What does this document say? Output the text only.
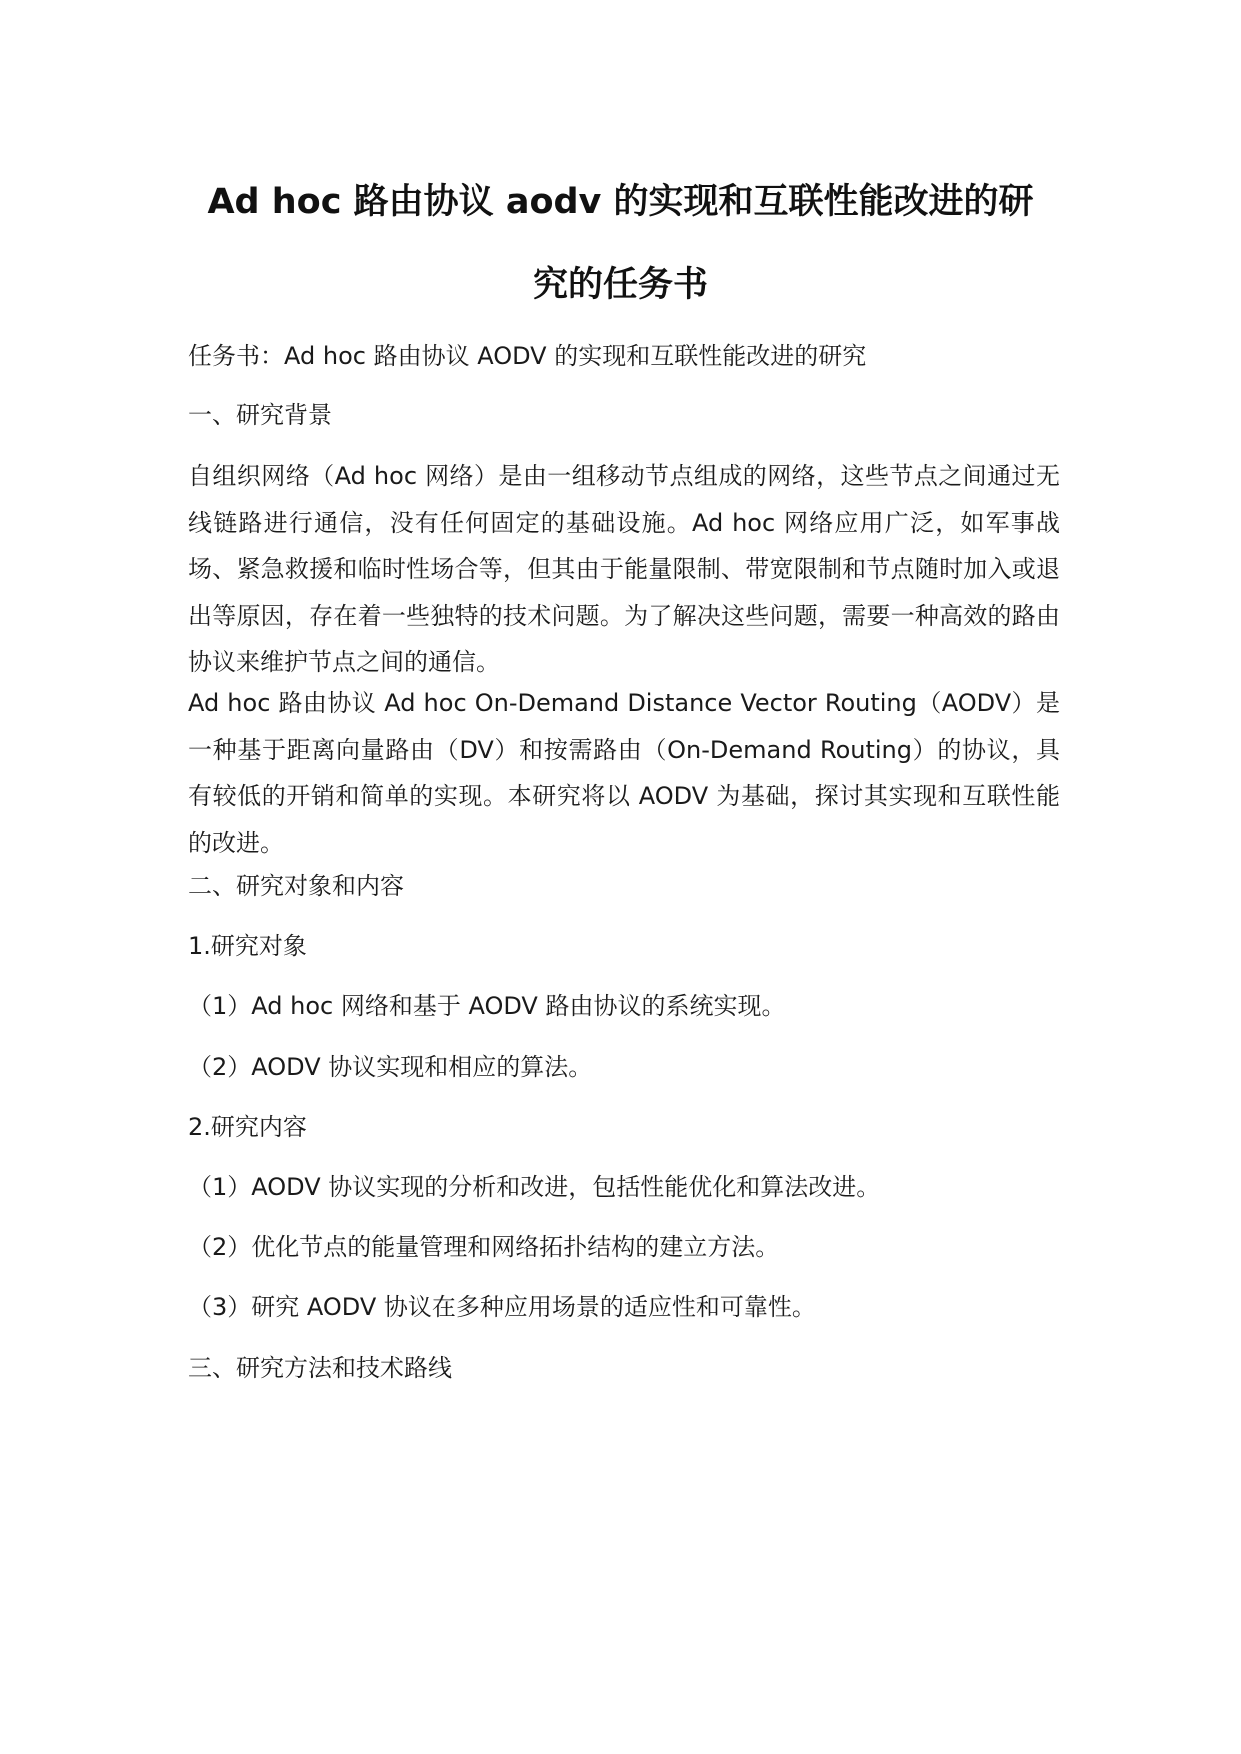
Ad hoc 路由协议 aodv 的实现和互联性能改进的研
究的任务书

任务书：Ad hoc 路由协议 AODV 的实现和互联性能改进的研究

一、研究背景

自组织网络（Ad hoc 网络）是由一组移动节点组成的网络，这些节点之间通过无线链路进行通信，没有任何固定的基础设施。Ad hoc 网络应用广泛，如军事战场、紧急救援和临时性场合等，但其由于能量限制、带宽限制和节点随时加入或退出等原因，存在着一些独特的技术问题。为了解决这些问题，需要一种高效的路由协议来维护节点之间的通信。

Ad hoc 路由协议 Ad hoc On-Demand Distance Vector Routing（AODV）是一种基于距离向量路由（DV）和按需路由（On-Demand Routing）的协议，具有较低的开销和简单的实现。本研究将以 AODV 为基础，探讨其实现和互联性能的改进。

二、研究对象和内容

1.研究对象

（1）Ad hoc 网络和基于 AODV 路由协议的系统实现。

（2）AODV 协议实现和相应的算法。

2.研究内容

（1）AODV 协议实现的分析和改进，包括性能优化和算法改进。

（2）优化节点的能量管理和网络拓扑结构的建立方法。

（3）研究 AODV 协议在多种应用场景的适应性和可靠性。

三、研究方法和技术路线
